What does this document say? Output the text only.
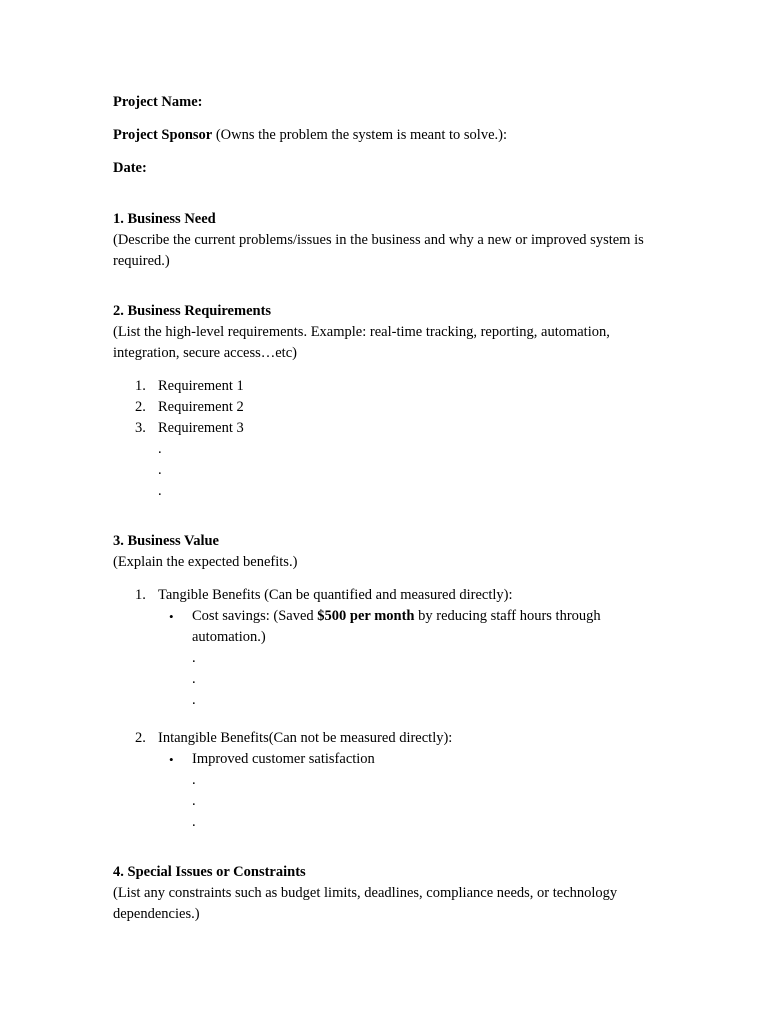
Project Name:
Project Sponsor (Owns the problem the system is meant to solve.):
Date:
1. Business Need
(Describe the current problems/issues in the business and why a new or improved system is required.)
2. Business Requirements
(List the high-level requirements. Example: real-time tracking, reporting, automation, integration, secure access…etc)
1. Requirement 1
2. Requirement 2
3. Requirement 3
.
.
.
3. Business Value
(Explain the expected benefits.)
1. Tangible Benefits (Can be quantified and measured directly):
• Cost savings: (Saved $500 per month by reducing staff hours through
automation.)
.
.
.
2. Intangible Benefits(Can not be measured directly):
• Improved customer satisfaction
.
.
.
4. Special Issues or Constraints
(List any constraints such as budget limits, deadlines, compliance needs, or technology dependencies.)
